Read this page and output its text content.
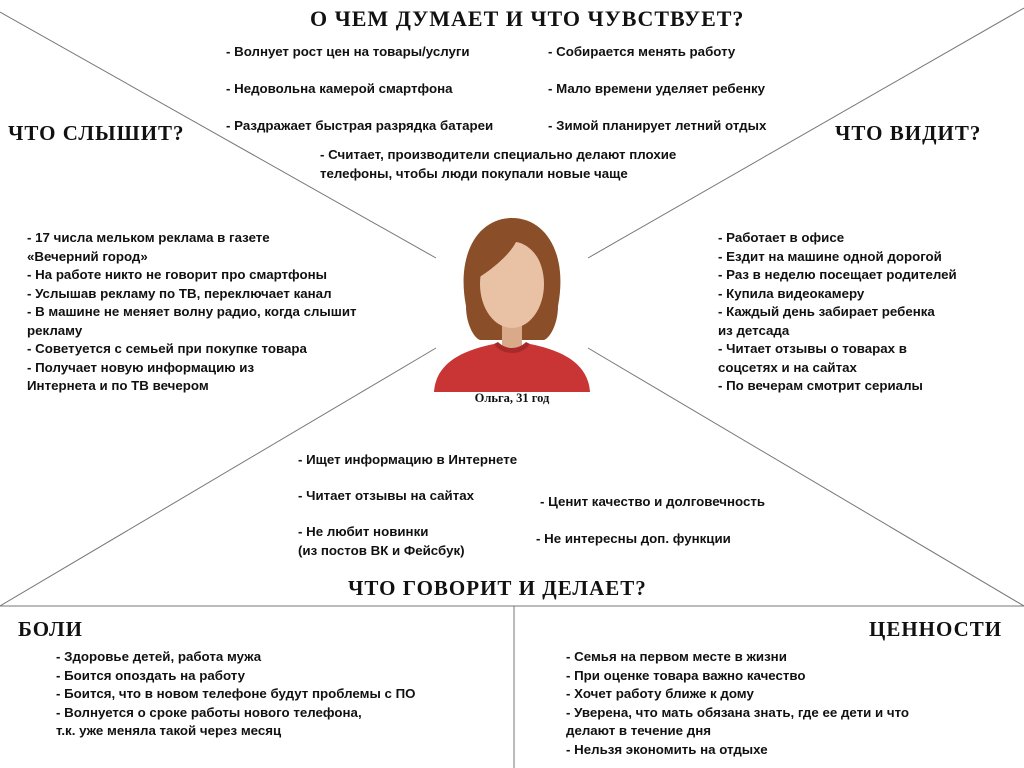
О ЧЕМ ДУМАЕТ И ЧТО ЧУВСТВУЕТ?
ЧТО СЛЫШИТ?	ЧТО ВИДИТ?
ЧТО ГОВОРИТ И ДЕЛАЕТ?
БОЛИ	ЦЕННОСТИ

- Волнует рост цен на товары/услуги

- Недовольна камерой смартфона

- Раздражает быстрая разрядка батареи

- Собирается менять работу

- Мало времени уделяет ребенку

- Зимой планирует летний отдых

- Считает, производители специально делают плохие
телефоны, чтобы люди покупали новые чаще
- 17 числа мельком реклама в газете
«Вечерний город»
- На работе никто не говорит про смартфоны
- Услышав рекламу по ТВ, переключает канал
- В машине не меняет волну радио, когда слышит
рекламу
- Советуется с семьей при покупке товара
- Получает новую информацию из
Интернета и по ТВ вечером
- Работает в офисе
- Ездит на машине одной дорогой
- Раз в неделю посещает родителей
- Купила видеокамеру
- Каждый день забирает ребенка
из детсада
- Читает отзывы о товарах в
соцсетях и на сайтах
- По вечерам смотрит сериалы

Ольга, 31 год

- Ищет информацию в Интернете

- Читает отзывы на сайтах

- Не любит новинки
(из постов ВК и Фейсбук)

- Ценит качество и долговечность

- Не интересны доп. функции

- Здоровье детей, работа мужа
- Боится опоздать на работу
- Боится, что в новом телефоне будут проблемы с ПО
- Волнуется о сроке работы нового телефона,
т.к. уже меняла такой через месяц
- Семья на первом месте в жизни
- При оценке товара важно качество
- Хочет работу ближе к дому
- Уверена, что мать обязана знать, где ее дети и что
делают в течение дня
- Нельзя экономить на отдыхе
